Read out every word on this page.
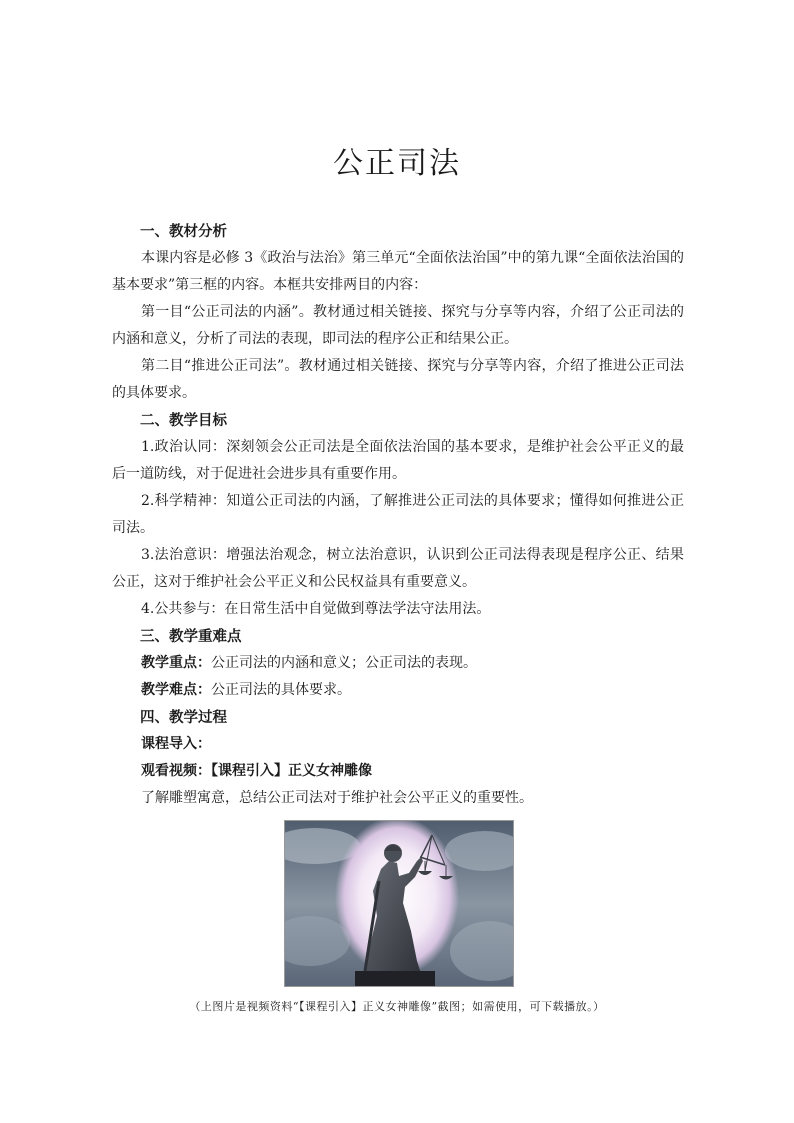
公正司法

一、教材分析

本课内容是必修 3《政治与法治》第三单元“全面依法治国”中的第九课“全面依法治国的基本要求”第三框的内容。本框共安排两目的内容：

第一目“公正司法的内涵”。教材通过相关链接、探究与分享等内容，介绍了公正司法的内涵和意义，分析了司法的表现，即司法的程序公正和结果公正。

第二目“推进公正司法”。教材通过相关链接、探究与分享等内容，介绍了推进公正司法的具体要求。

二、教学目标

1.政治认同：深刻领会公正司法是全面依法治国的基本要求，是维护社会公平正义的最后一道防线，对于促进社会进步具有重要作用。

2.科学精神：知道公正司法的内涵，了解推进公正司法的具体要求；懂得如何推进公正司法。

3.法治意识：增强法治观念，树立法治意识，认识到公正司法得表现是程序公正、结果公正，这对于维护社会公平正义和公民权益具有重要意义。

4.公共参与：在日常生活中自觉做到尊法学法守法用法。

三、教学重难点

教学重点：公正司法的内涵和意义；公正司法的表现。

教学难点：公正司法的具体要求。

四、教学过程

课程导入：

观看视频：【课程引入】正义女神雕像

了解雕塑寓意，总结公正司法对于维护社会公平正义的重要性。

（上图片是视频资料“【课程引入】正义女神雕像”截图；如需使用，可下载播放。）
